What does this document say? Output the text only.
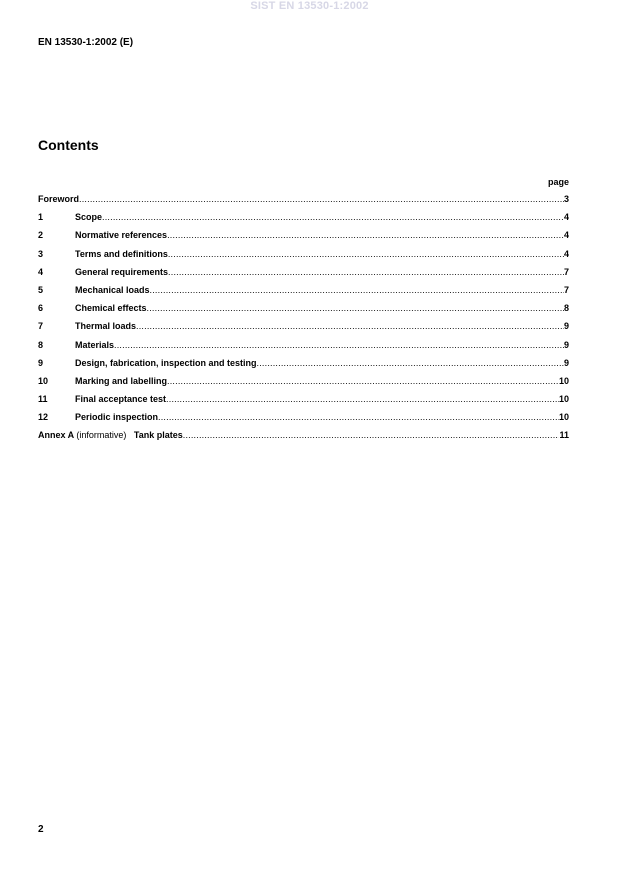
SIST EN 13530-1:2002
EN 13530-1:2002 (E)
Contents
page
Foreword .....	3
1	Scope .....	4
2	Normative references .....	4
3	Terms and definitions .....	4
4	General requirements .....	7
5	Mechanical loads .....	7
6	Chemical effects .....	8
7	Thermal loads .....	9
8	Materials .....	9
9	Design, fabrication, inspection and testing .....	9
10	Marking and labelling .....	10
11	Final acceptance test .....	10
12	Periodic inspection .....	10
Annex A (informative) Tank plates .....	11
2
